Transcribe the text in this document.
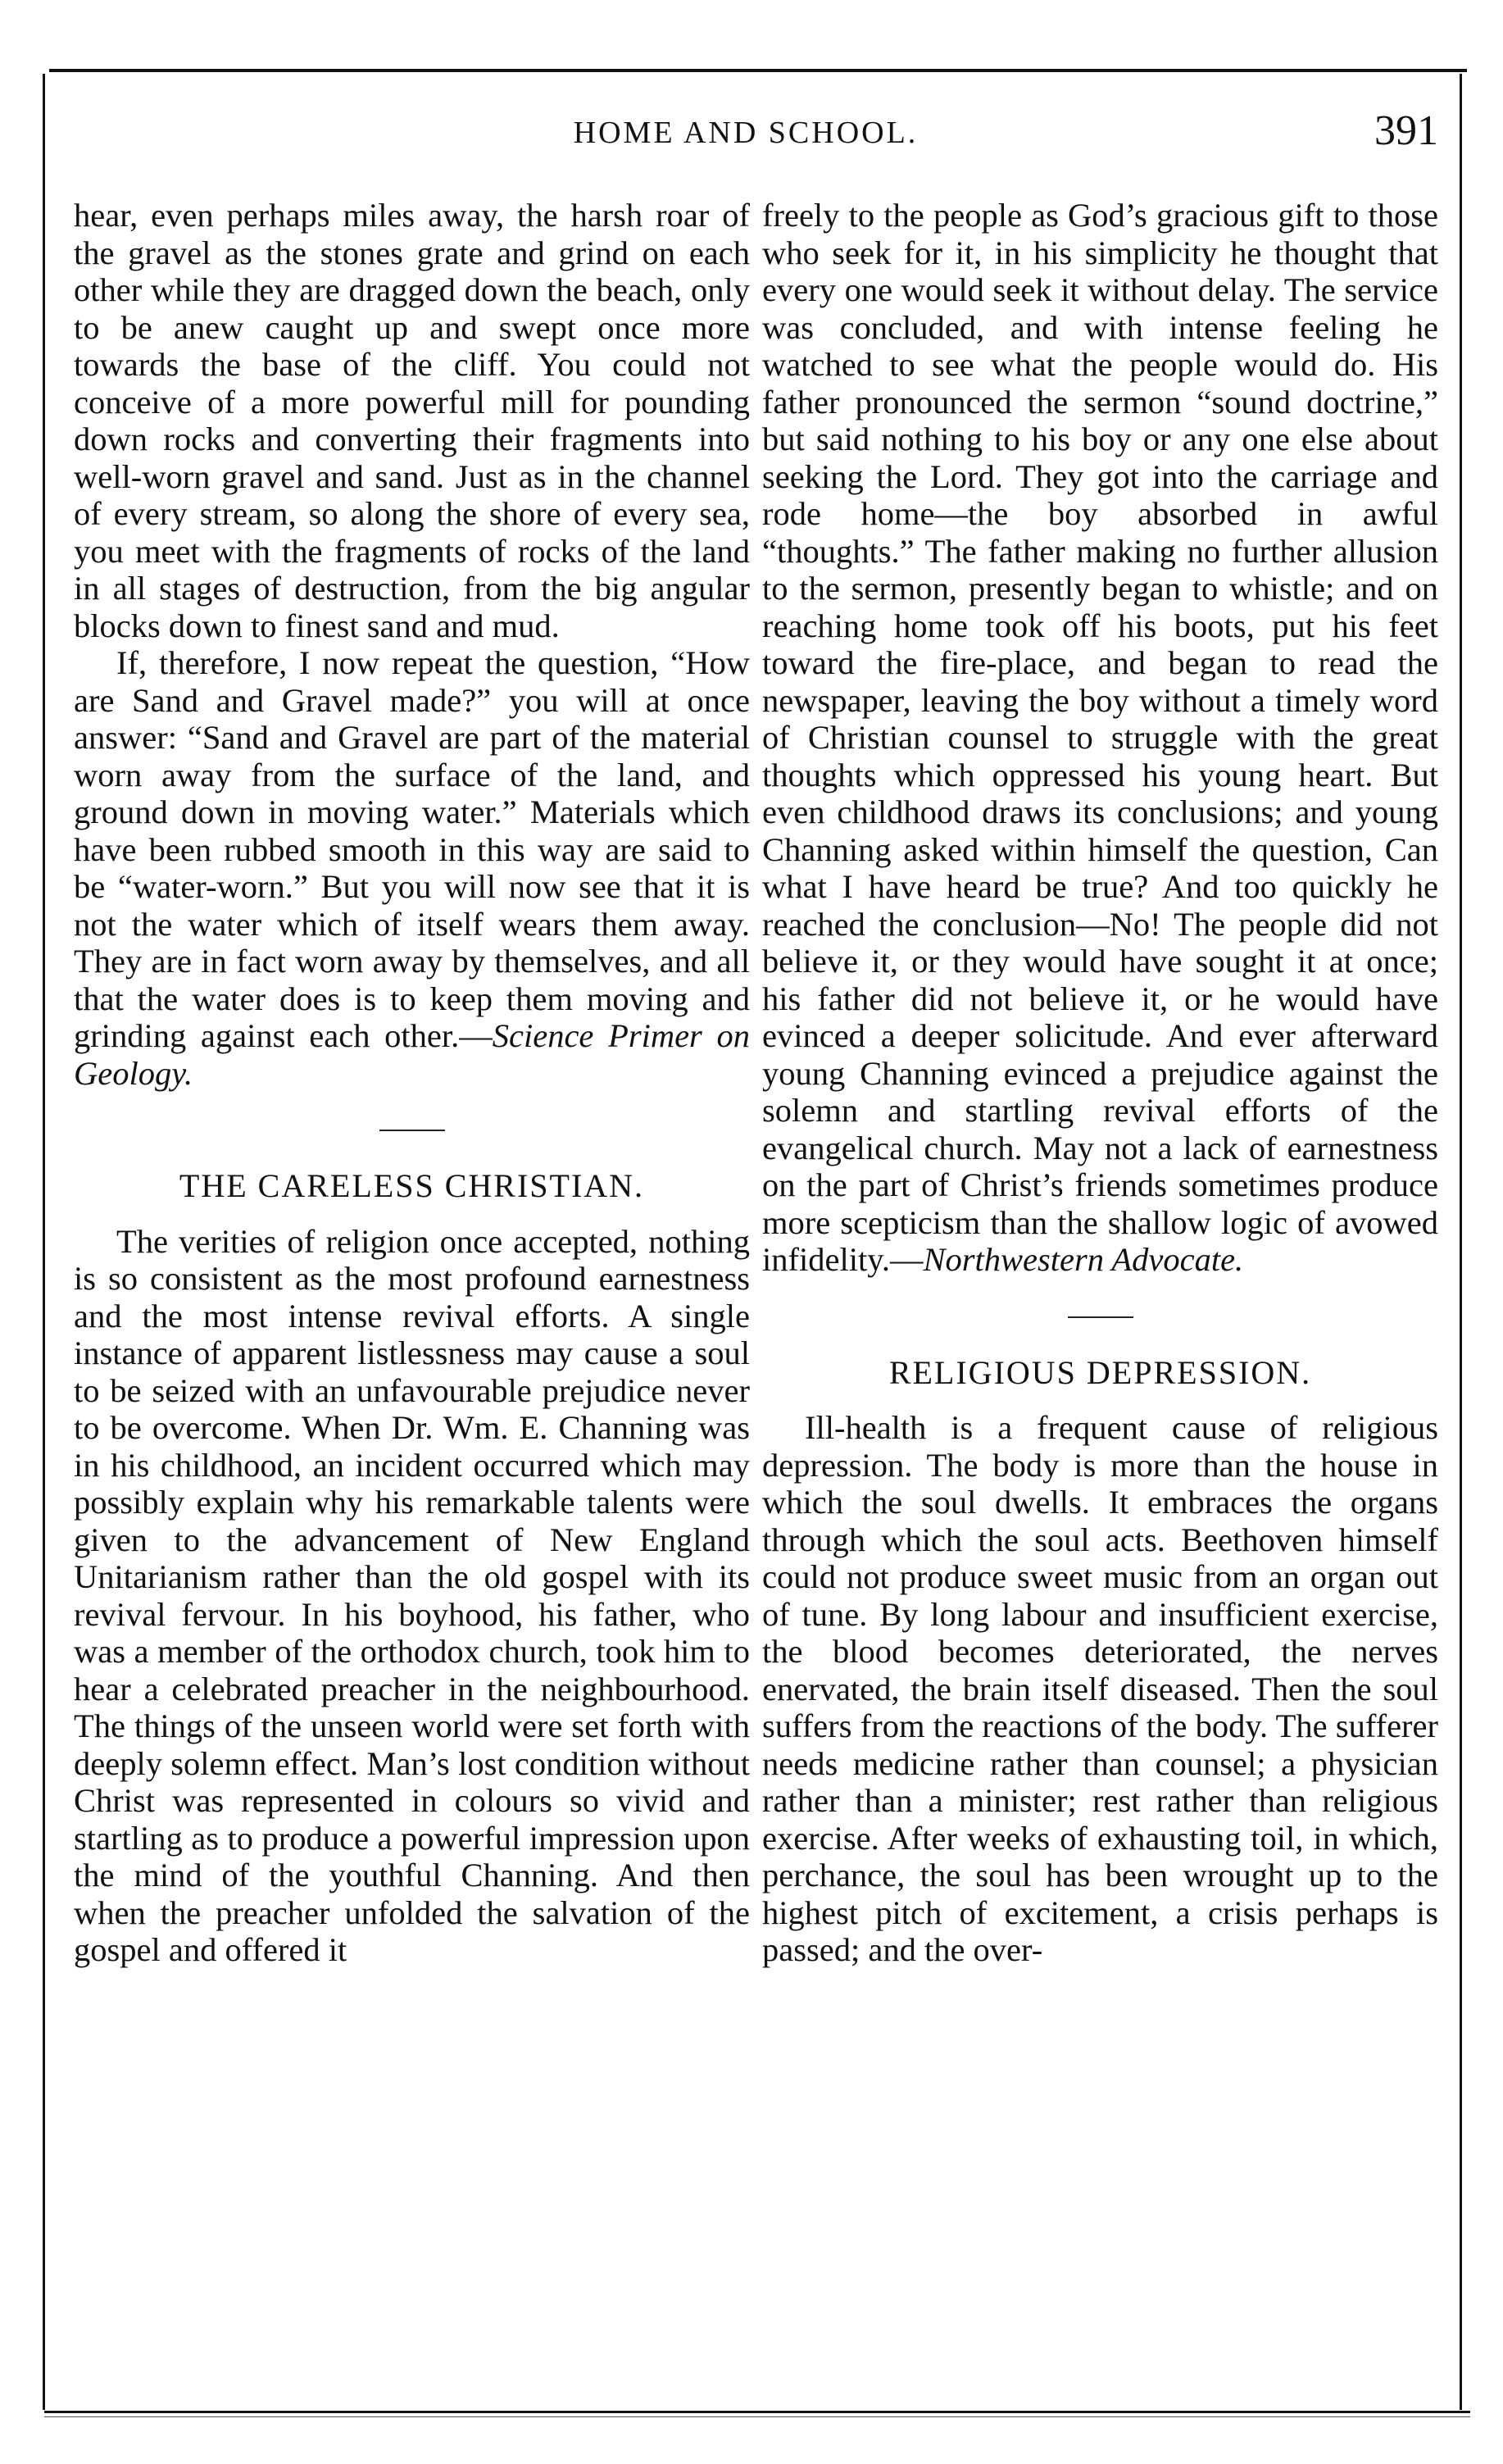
HOME AND SCHOOL.	391

hear, even perhaps miles away, the harsh roar of the gravel as the stones grate and grind on each other while they are dragged down the beach, only to be anew caught up and swept once more towards the base of the cliff. You could not conceive of a more powerful mill for pounding down rocks and converting their fragments into well-worn gravel and sand. Just as in the channel of every stream, so along the shore of every sea, you meet with the fragments of rocks of the land in all stages of destruction, from the big angular blocks down to finest sand and mud.

If, therefore, I now repeat the question, “How are Sand and Gravel made?” you will at once answer: “Sand and Gravel are part of the material worn away from the surface of the land, and ground down in moving water.” Materials which have been rubbed smooth in this way are said to be “water-worn.” But you will now see that it is not the water which of itself wears them away. They are in fact worn away by themselves, and all that the water does is to keep them moving and grinding against each other.—Science Primer on Geology.

THE CARELESS CHRISTIAN.

The verities of religion once accepted, nothing is so consistent as the most profound earnestness and the most intense revival efforts. A single instance of apparent listlessness may cause a soul to be seized with an unfavourable prejudice never to be overcome. When Dr. Wm. E. Channing was in his childhood, an incident occurred which may possibly explain why his remarkable talents were given to the advancement of New England Unitarianism rather than the old gospel with its revival fervour. In his boyhood, his father, who was a member of the orthodox church, took him to hear a celebrated preacher in the neighbourhood. The things of the unseen world were set forth with deeply solemn effect. Man’s lost condition without Christ was represented in colours so vivid and startling as to produce a powerful impression upon the mind of the youthful Channing. And then when the preacher unfolded the salvation of the gospel and offered it

freely to the people as God’s gracious gift to those who seek for it, in his simplicity he thought that every one would seek it without delay. The service was concluded, and with intense feeling he watched to see what the people would do. His father pronounced the sermon “sound doctrine,” but said nothing to his boy or any one else about seeking the Lord. They got into the carriage and rode home—the boy absorbed in awful “thoughts.” The father making no further allusion to the sermon, presently began to whistle; and on reaching home took off his boots, put his feet toward the fire-place, and began to read the newspaper, leaving the boy without a timely word of Christian counsel to struggle with the great thoughts which oppressed his young heart. But even childhood draws its conclusions; and young Channing asked within himself the question, Can what I have heard be true? And too quickly he reached the conclusion—No! The people did not believe it, or they would have sought it at once; his father did not believe it, or he would have evinced a deeper solicitude. And ever afterward young Channing evinced a prejudice against the solemn and startling revival efforts of the evangelical church. May not a lack of earnestness on the part of Christ’s friends sometimes produce more scepticism than the shallow logic of avowed infidelity.—Northwestern Advocate.

RELIGIOUS DEPRESSION.

Ill-health is a frequent cause of religious depression. The body is more than the house in which the soul dwells. It embraces the organs through which the soul acts. Beethoven himself could not produce sweet music from an organ out of tune. By long labour and insufficient exercise, the blood becomes deteriorated, the nerves enervated, the brain itself diseased. Then the soul suffers from the reactions of the body. The sufferer needs medicine rather than counsel; a physician rather than a minister; rest rather than religious exercise. After weeks of exhausting toil, in which, perchance, the soul has been wrought up to the highest pitch of excitement, a crisis perhaps is passed; and the over-
